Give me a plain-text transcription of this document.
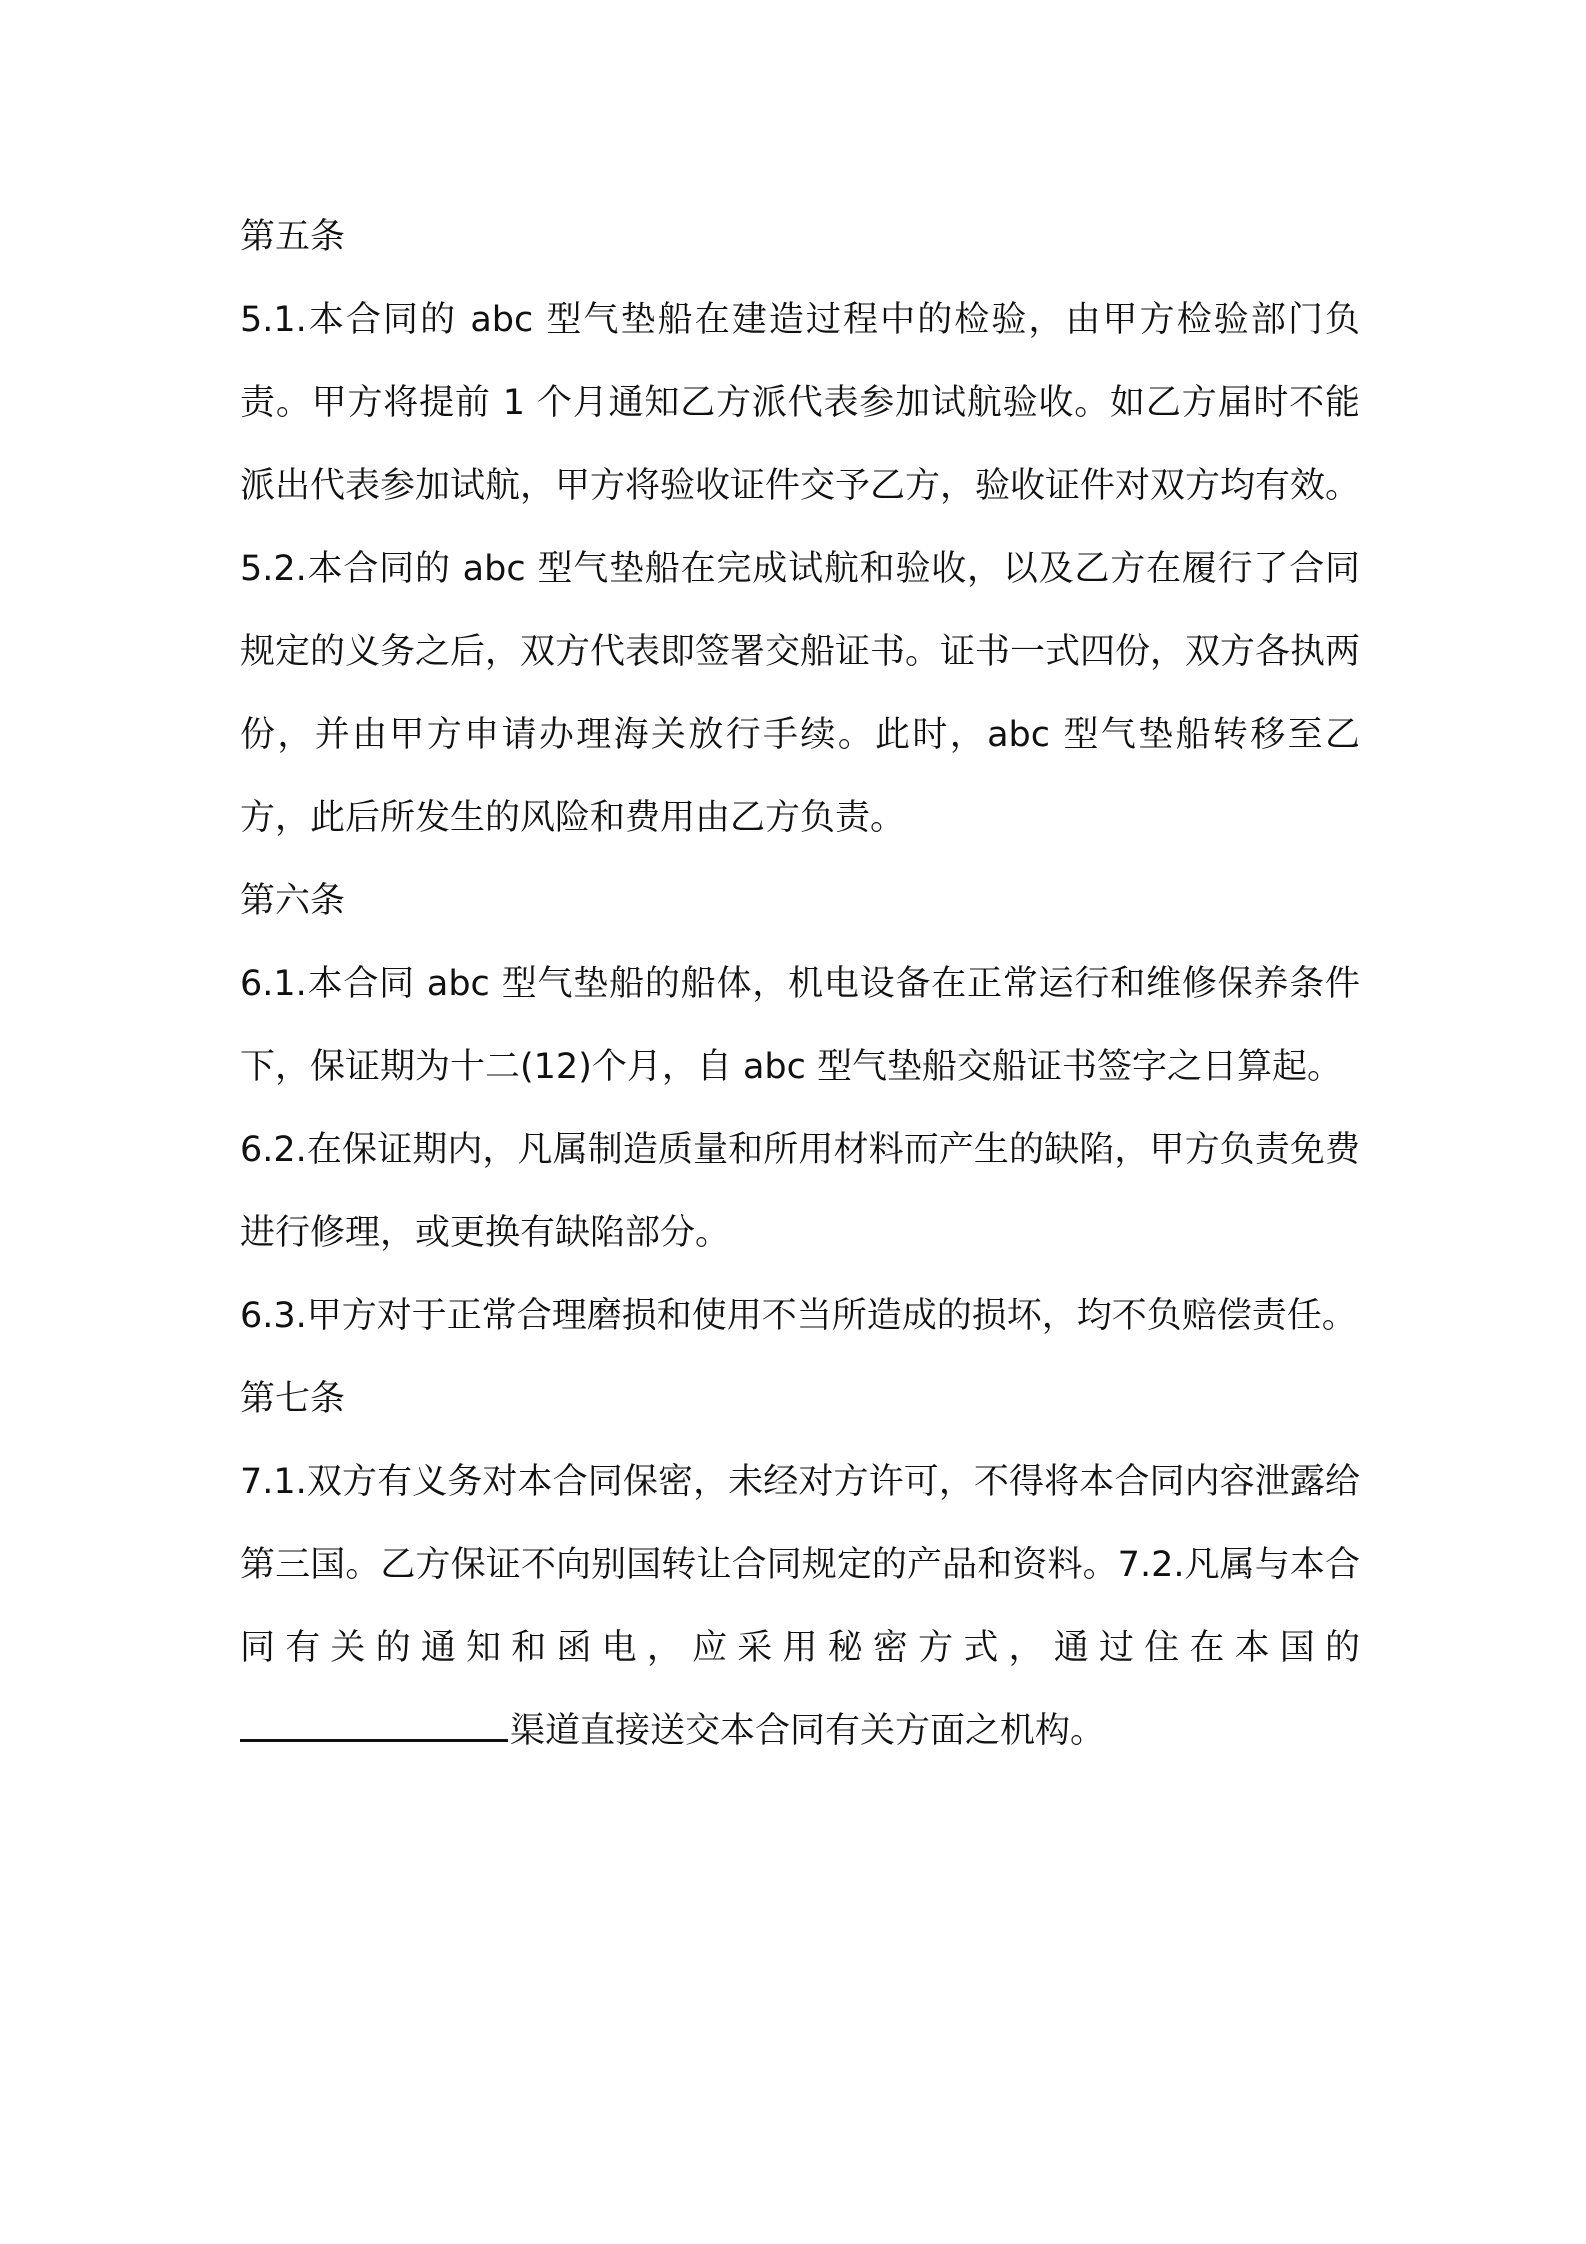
第五条

5.1.本合同的 abc 型气垫船在建造过程中的检验，由甲方检验部门负责。甲方将提前 1 个月通知乙方派代表参加试航验收。如乙方届时不能派出代表参加试航，甲方将验收证件交予乙方，验收证件对双方均有效。

5.2.本合同的 abc 型气垫船在完成试航和验收，以及乙方在履行了合同规定的义务之后，双方代表即签署交船证书。证书一式四份，双方各执两份，并由甲方申请办理海关放行手续。此时，abc 型气垫船转移至乙方，此后所发生的风险和费用由乙方负责。

第六条

6.1.本合同 abc 型气垫船的船体，机电设备在正常运行和维修保养条件下，保证期为十二(12)个月，自 abc 型气垫船交船证书签字之日算起。

6.2.在保证期内，凡属制造质量和所用材料而产生的缺陷，甲方负责免费进行修理，或更换有缺陷部分。

6.3.甲方对于正常合理磨损和使用不当所造成的损坏，均不负赔偿责任。

第七条

7.1.双方有义务对本合同保密，未经对方许可，不得将本合同内容泄露给第三国。乙方保证不向别国转让合同规定的产品和资料。7.2.凡属与本合同有关的通知和函电，应采用秘密方式，通过住在本国的渠道直接送交本合同有关方面之机构。
